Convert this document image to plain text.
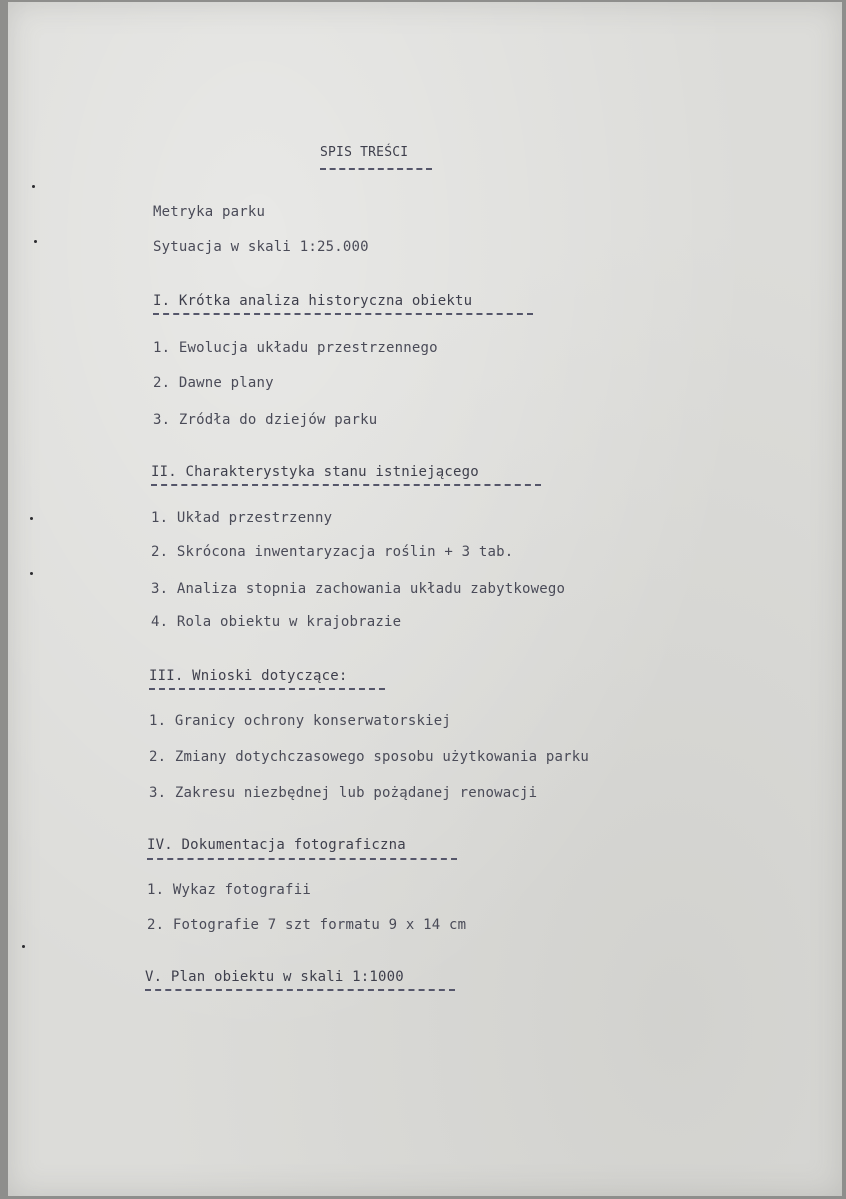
SPIS TREŚCI
Metryka parku
Sytuacja w skali 1:25.000
I. Krótka analiza historyczna obiektu
1. Ewolucja układu przestrzennego
2. Dawne plany
3. Zródła do dziejów parku
II. Charakterystyka stanu istniejącego
1. Układ przestrzenny
2. Skrócona inwentaryzacja roślin + 3 tab.
3. Analiza stopnia zachowania układu zabytkowego
4. Rola obiektu w krajobrazie
III. Wnioski dotyczące:
1. Granicy ochrony konserwatorskiej
2. Zmiany dotychczasowego sposobu użytkowania parku
3. Zakresu niezbędnej lub pożądanej renowacji
IV. Dokumentacja fotograficzna
1. Wykaz fotografii
2. Fotografie 7 szt formatu 9 x 14 cm
V. Plan obiektu w skali 1:1000
